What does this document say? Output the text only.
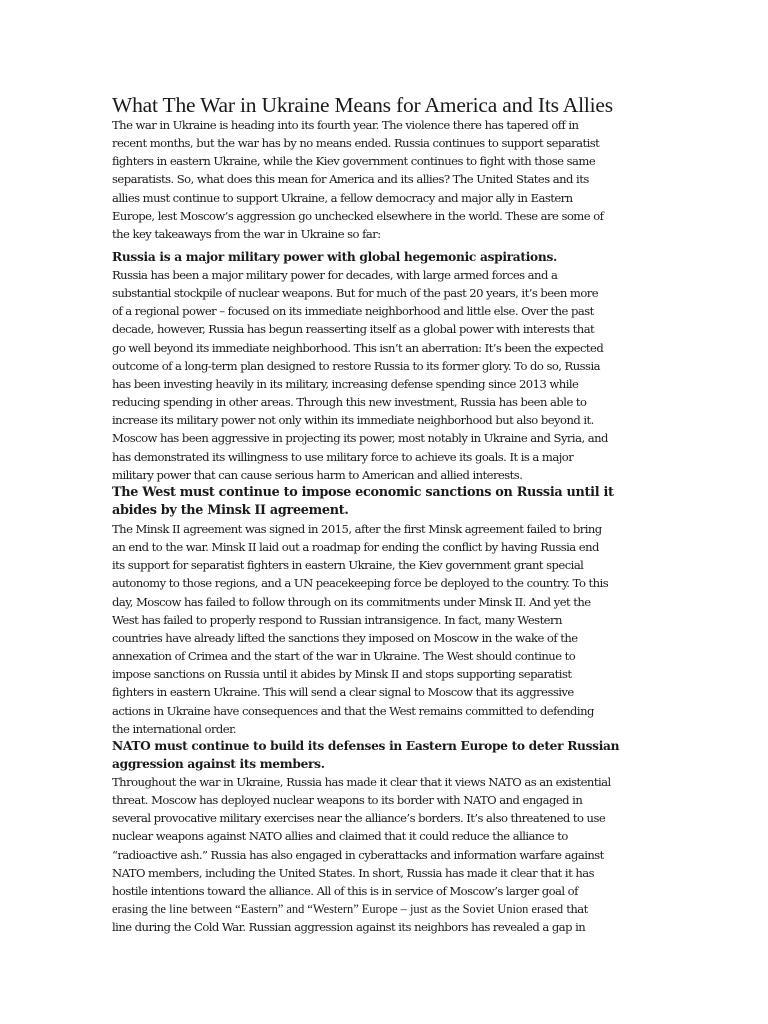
What The War in Ukraine Means for America and Its Allies

The war in Ukraine is heading into its fourth year. The violence there has tapered off in
recent months, but the war has by no means ended. Russia continues to support separatist
fighters in eastern Ukraine, while the Kiev government continues to fight with those same
separatists. So, what does this mean for America and its allies? The United States and its
allies must continue to support Ukraine, a fellow democracy and major ally in Eastern
Europe, lest Moscow’s aggression go unchecked elsewhere in the world. These are some of
the key takeaways from the war in Ukraine so far:

Russia is a major military power with global hegemonic aspirations.

Russia has been a major military power for decades, with large armed forces and a
substantial stockpile of nuclear weapons. But for much of the past 20 years, it’s been more
of a regional power – focused on its immediate neighborhood and little else. Over the past
decade, however, Russia has begun reasserting itself as a global power with interests that
go well beyond its immediate neighborhood. This isn’t an aberration: It’s been the expected
outcome of a long-term plan designed to restore Russia to its former glory. To do so, Russia
has been investing heavily in its military, increasing defense spending since 2013 while
reducing spending in other areas. Through this new investment, Russia has been able to
increase its military power not only within its immediate neighborhood but also beyond it.
Moscow has been aggressive in projecting its power, most notably in Ukraine and Syria, and
has demonstrated its willingness to use military force to achieve its goals. It is a major
military power that can cause serious harm to American and allied interests.

The West must continue to impose economic sanctions on Russia until it
abides by the Minsk II agreement.

The Minsk II agreement was signed in 2015, after the first Minsk agreement failed to bring
an end to the war. Minsk II laid out a roadmap for ending the conflict by having Russia end
its support for separatist fighters in eastern Ukraine, the Kiev government grant special
autonomy to those regions, and a UN peacekeeping force be deployed to the country. To this
day, Moscow has failed to follow through on its commitments under Minsk II. And yet the
West has failed to properly respond to Russian intransigence. In fact, many Western
countries have already lifted the sanctions they imposed on Moscow in the wake of the
annexation of Crimea and the start of the war in Ukraine. The West should continue to
impose sanctions on Russia until it abides by Minsk II and stops supporting separatist
fighters in eastern Ukraine. This will send a clear signal to Moscow that its aggressive
actions in Ukraine have consequences and that the West remains committed to defending
the international order.

NATO must continue to build its defenses in Eastern Europe to deter Russian
aggression against its members.

Throughout the war in Ukraine, Russia has made it clear that it views NATO as an existential
threat. Moscow has deployed nuclear weapons to its border with NATO and engaged in
several provocative military exercises near the alliance’s borders. It’s also threatened to use
nuclear weapons against NATO allies and claimed that it could reduce the alliance to
“radioactive ash.” Russia has also engaged in cyberattacks and information warfare against
NATO members, including the United States. In short, Russia has made it clear that it has
hostile intentions toward the alliance. All of this is in service of Moscow’s larger goal of
erasing the line between “Eastern” and “Western” Europe – just as the Soviet Union erased that
line during the Cold War. Russian aggression against its neighbors has revealed a gap in
